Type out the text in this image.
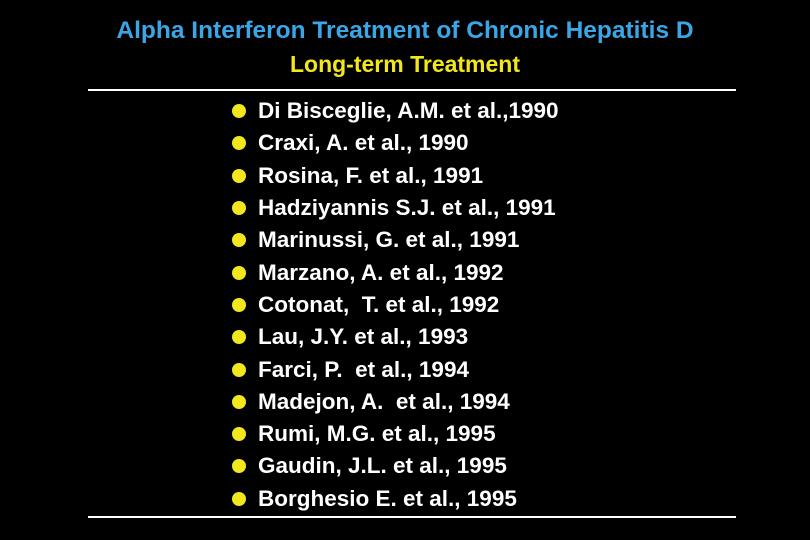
Alpha Interferon Treatment of Chronic Hepatitis D
Long-term Treatment
Di Bisceglie, A.M. et al.,1990
Craxi, A. et al., 1990
Rosina, F. et al., 1991
Hadziyannis S.J. et al., 1991
Marinussi, G. et al., 1991
Marzano, A. et al., 1992
Cotonat,  T. et al., 1992
Lau, J.Y. et al., 1993
Farci, P.  et al., 1994
Madejon, A.  et al., 1994
Rumi, M.G. et al., 1995
Gaudin, J.L. et al., 1995
Borghesio E. et al., 1995
